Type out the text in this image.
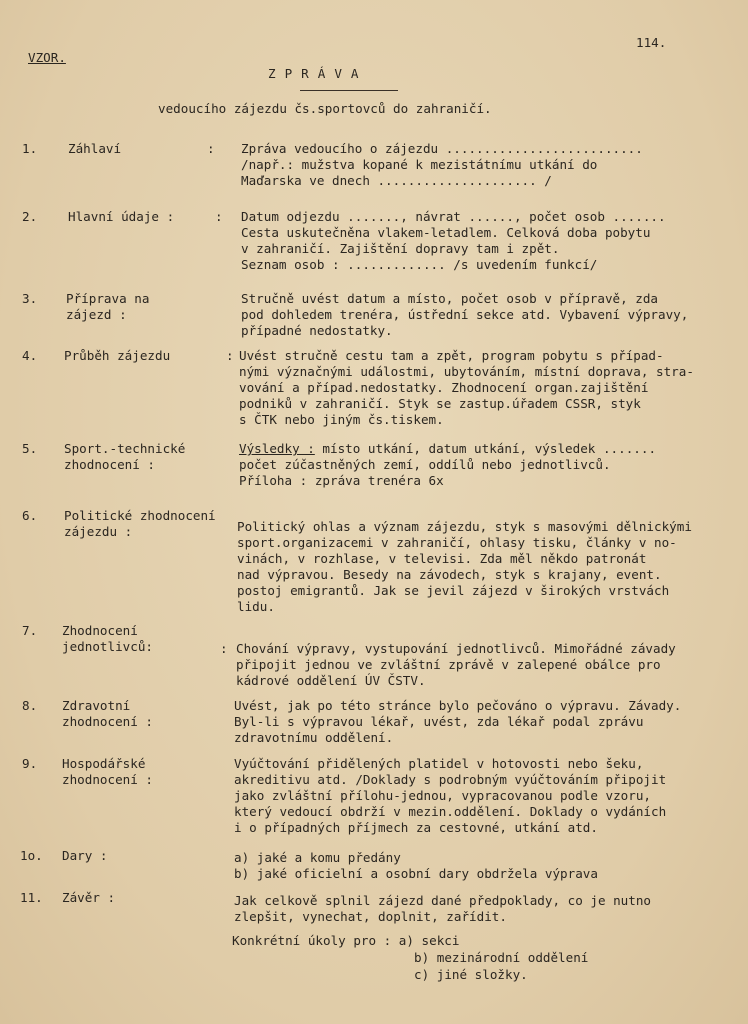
VZOR.
114.
ZPRÁVA
vedoucího zájezdu čs.sportovců do zahraničí.
1. Záhlaví	: Zpráva vedoucího o zájezdu ..........................
/např.: mužstva kopané k mezistátnímu utkání do
Maďarska ve dnech ..................... /
2. Hlavní údaje :	: Datum odjezdu ......., návrat ......, počet osob .......
Cesta uskutečněna vlakem-letadlem. Celková doba pobytu
v zahraničí. Zajištění dopravy tam i zpět.
Seznam osob : ............. /s uvedením funkcí/
3. Příprava na
zájezd :
Stručně uvést datum a místo, počet osob v přípravě, zda
pod dohledem trenéra, ústřední sekce atd. Vybavení výpravy,
případné nedostatky.
4. Průběh zájezdu	: Uvést stručně cestu tam a zpět, program pobytu s případ-
nými význačnými událostmi, ubytováním, místní doprava, stra-
vování a případ.nedostatky. Zhodnocení organ.zajištění
podniků v zahraničí. Styk se zastup.úřadem CSSR, styk
s ČTK nebo jiným čs.tiskem.
5. Sport.-technické
zhodnocení :
Výsledky : místo utkání, datum utkání, výsledek .......
počet zúčastněných zemí, oddílů nebo jednotlivců.
Příloha : zpráva trenéra 6x
6. Politické zhodnocení
zájezdu :	Politický ohlas a význam zájezdu, styk s masovými dělnickými
sport.organizacemi v zahraničí, ohlasy tisku, články v no-
vinách, v rozhlase, v televisi. Zda měl někdo patronát
nad výpravou. Besedy na závodech, styk s krajany, event.
postoj emigrantů. Jak se jevil zájezd v širokých vrstvách
lidu.
7. Zhodnocení
jednotlivců:	: Chování výpravy, vystupování jednotlivců. Mimořádné závady
připojit jednou ve zvláštní zprávě v zalepené obálce pro
kádrové oddělení ÚV ČSTV.
8. Zdravotní
zhodnocení :
Uvést, jak po této stránce bylo pečováno o výpravu. Závady.
Byl-li s výpravou lékař, uvést, zda lékař podal zprávu
zdravotnímu oddělení.
9. Hospodářské
zhodnocení :
Vyúčtování přidělených platidel v hotovosti nebo šeku,
akreditivu atd. /Doklady s podrobným vyúčtováním připojit
jako zvláštní přílohu-jednou, vypracovanou podle vzoru,
který vedoucí obdrží v mezin.oddělení. Doklady o vydáních
i o případných příjmech za cestovné, utkání atd.
1o. Dary :	a) jaké a komu předány
b) jaké oficielní a osobní dary obdržela výprava
11. Závěr :	Jak celkově splnil zájezd dané předpoklady, co je nutno
zlepšit, vynechat, doplnit, zařídit.
Konkrétní úkoly pro : a) sekci
b) mezinárodní oddělení
c) jiné složky.
